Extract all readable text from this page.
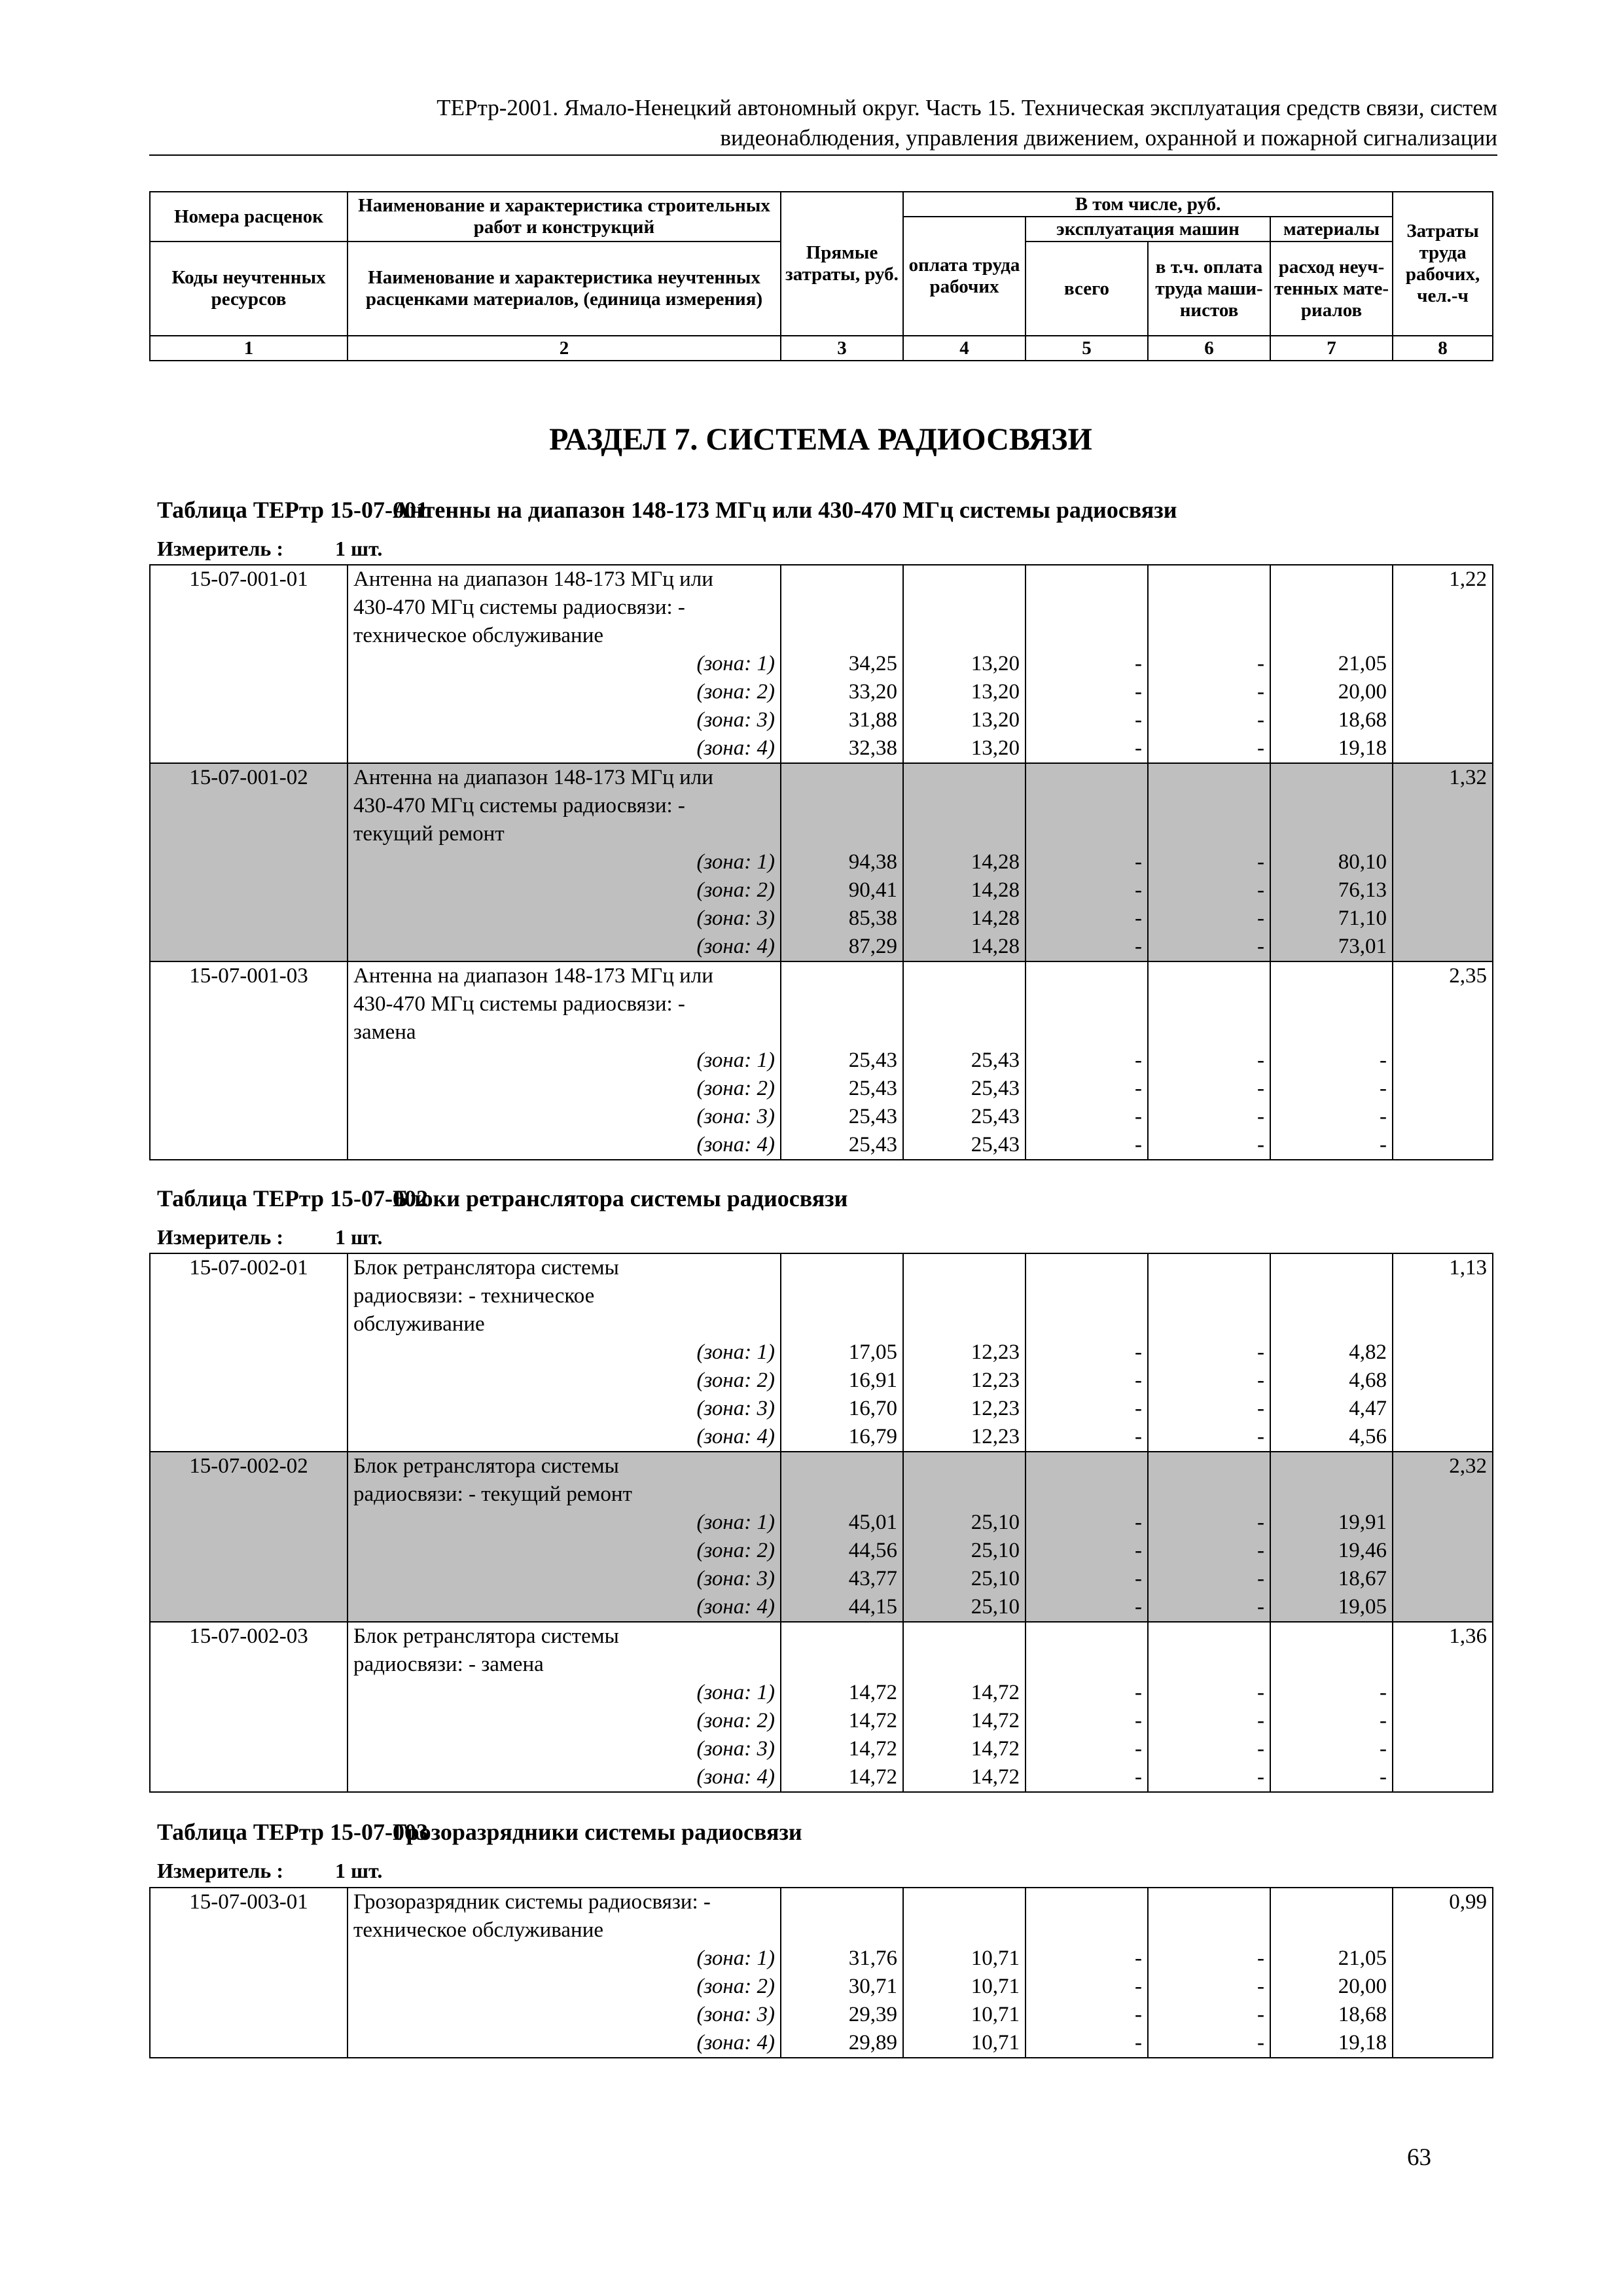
ТЕРтр-2001. Ямало-Ненецкий автономный округ. Часть 15. Техническая эксплуатация средств связи, систем
видеонаблюдения, управления движением, охранной и пожарной сигнализации
Номера расценок	Наименование и характеристика строительных работ и конструкций	Прямые затраты, руб.	В том числе, руб.				Затраты труда рабочих, чел.-ч
			оплата труда рабочих	эксплуатация машин		материалы	
Коды неучтенных ресурсов	Наименование и характеристика неучтенных расценками материалов, (единица измерения)			всего	в т.ч. оплата труда маши-нистов	расход неуч-тенных мате-риалов	

1	2	3	4	5	6	7	8
РАЗДЕЛ 7. СИСТЕМА РАДИОСВЯЗИ
Таблица ТЕРтр 15-07-001Антенны на диапазон 148-173 МГц или 430-470 МГц системы радиосвязи
Измеритель : 1 шт.
15-07-001-01	Антенна на диапазон 148-173 МГц или						1,22
	430-470 МГц системы радиосвязи: -						
	техническое обслуживание						
	(зона: 1)	34,25	13,20	-	-	21,05	
	(зона: 2)	33,20	13,20	-	-	20,00	
	(зона: 3)	31,88	13,20	-	-	18,68	
	(зона: 4)	32,38	13,20	-	-	19,18	
15-07-001-02	Антенна на диапазон 148-173 МГц или						1,32
	430-470 МГц системы радиосвязи: -						
	текущий ремонт						
	(зона: 1)	94,38	14,28	-	-	80,10	
	(зона: 2)	90,41	14,28	-	-	76,13	
	(зона: 3)	85,38	14,28	-	-	71,10	
	(зона: 4)	87,29	14,28	-	-	73,01	
15-07-001-03	Антенна на диапазон 148-173 МГц или						2,35
	430-470 МГц системы радиосвязи: -						
	замена						
	(зона: 1)	25,43	25,43	-	-	-	
	(зона: 2)	25,43	25,43	-	-	-	
	(зона: 3)	25,43	25,43	-	-	-	
	(зона: 4)	25,43	25,43	-	-	-	
Таблица ТЕРтр 15-07-002Блоки ретранслятора системы радиосвязи
Измеритель : 1 шт.
15-07-002-01	Блок ретранслятора системы						1,13
	радиосвязи: - техническое						
	обслуживание						
	(зона: 1)	17,05	12,23	-	-	4,82	
	(зона: 2)	16,91	12,23	-	-	4,68	
	(зона: 3)	16,70	12,23	-	-	4,47	
	(зона: 4)	16,79	12,23	-	-	4,56	
15-07-002-02	Блок ретранслятора системы						2,32
	радиосвязи: - текущий ремонт						
	(зона: 1)	45,01	25,10	-	-	19,91	
	(зона: 2)	44,56	25,10	-	-	19,46	
	(зона: 3)	43,77	25,10	-	-	18,67	
	(зона: 4)	44,15	25,10	-	-	19,05	
15-07-002-03	Блок ретранслятора системы						1,36
	радиосвязи: - замена						
	(зона: 1)	14,72	14,72	-	-	-	
	(зона: 2)	14,72	14,72	-	-	-	
	(зона: 3)	14,72	14,72	-	-	-	
	(зона: 4)	14,72	14,72	-	-	-	
Таблица ТЕРтр 15-07-003Грозоразрядники системы радиосвязи
Измеритель : 1 шт.
15-07-003-01	Грозоразрядник системы радиосвязи: -						0,99
	техническое обслуживание						
	(зона: 1)	31,76	10,71	-	-	21,05	
	(зона: 2)	30,71	10,71	-	-	20,00	
	(зона: 3)	29,39	10,71	-	-	18,68	
	(зона: 4)	29,89	10,71	-	-	19,18	
63
